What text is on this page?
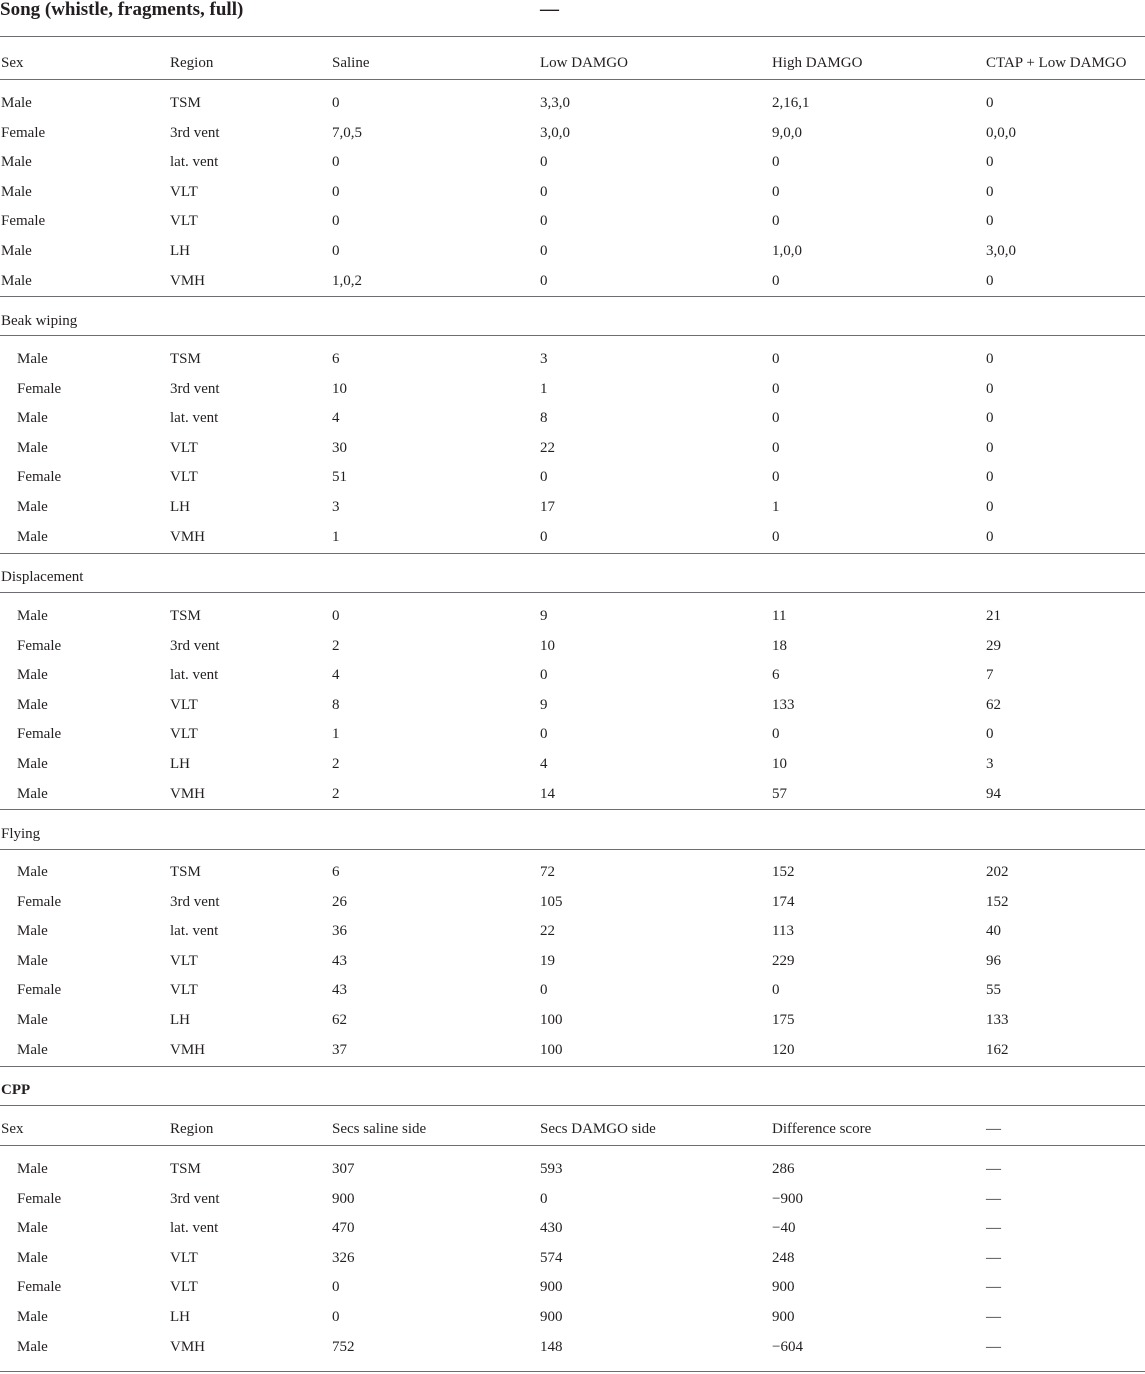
Song (whistle, fragments, full)	—
Sex	Region	Saline	Low DAMGO	High DAMGO	CTAP + Low DAMGO
Male	TSM	0	3,3,0	2,16,1	0
Female	3rd vent	7,0,5	3,0,0	9,0,0	0,0,0
Male	lat. vent	0	0	0	0
Male	VLT	0	0	0	0
Female	VLT	0	0	0	0
Male	LH	0	0	1,0,0	3,0,0
Male	VMH	1,0,2	0	0	0
Beak wiping
Male	TSM	6	3	0	0
Female	3rd vent	10	1	0	0
Male	lat. vent	4	8	0	0
Male	VLT	30	22	0	0
Female	VLT	51	0	0	0
Male	LH	3	17	1	0
Male	VMH	1	0	0	0
Displacement
Male	TSM	0	9	11	21
Female	3rd vent	2	10	18	29
Male	lat. vent	4	0	6	7
Male	VLT	8	9	133	62
Female	VLT	1	0	0	0
Male	LH	2	4	10	3
Male	VMH	2	14	57	94
Flying
Male	TSM	6	72	152	202
Female	3rd vent	26	105	174	152
Male	lat. vent	36	22	113	40
Male	VLT	43	19	229	96
Female	VLT	43	0	0	55
Male	LH	62	100	175	133
Male	VMH	37	100	120	162
CPP
Sex	Region	Secs saline side	Secs DAMGO side	Difference score	—
Male	TSM	307	593	286	—
Female	3rd vent	900	0	−900	—
Male	lat. vent	470	430	−40	—
Male	VLT	326	574	248	—
Female	VLT	0	900	900	—
Male	LH	0	900	900	—
Male	VMH	752	148	−604	—
